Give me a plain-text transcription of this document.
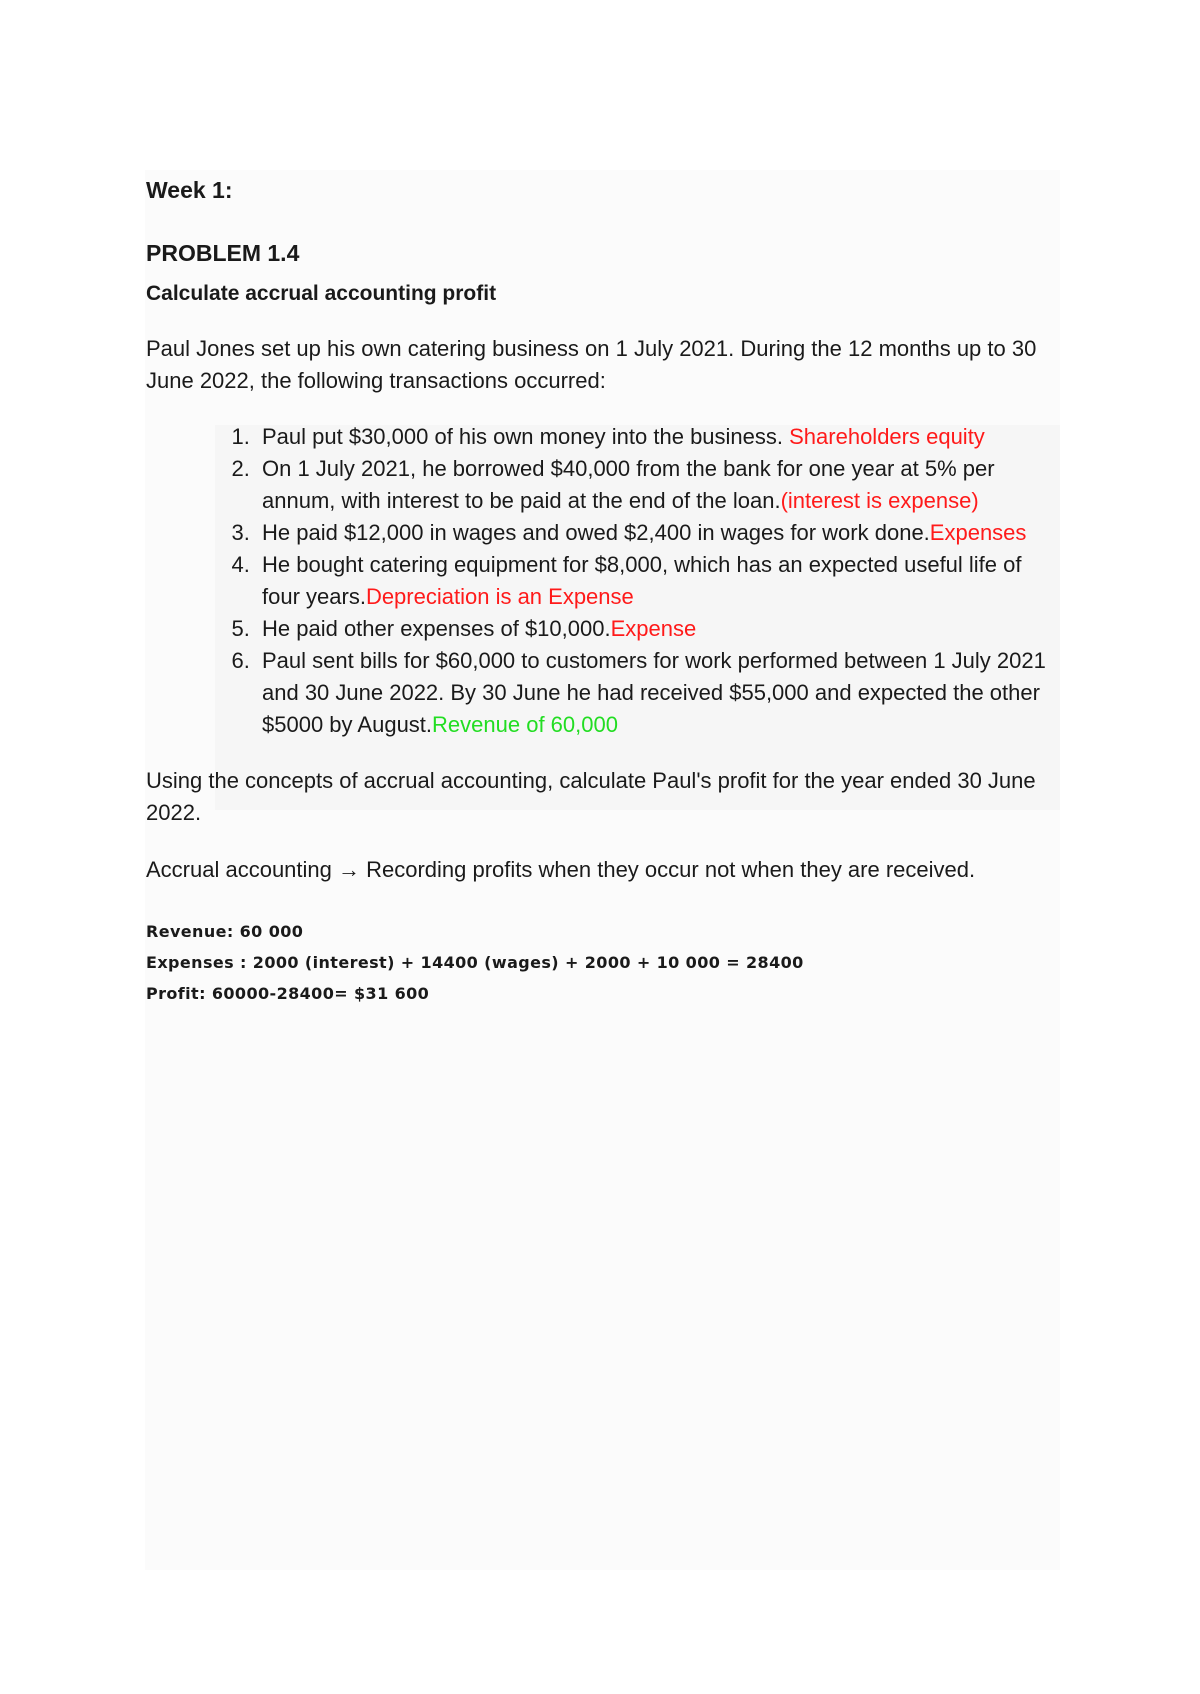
Week 1:

PROBLEM 1.4

Calculate accrual accounting profit

Paul Jones set up his own catering business on 1 July 2021. During the 12 months up to 30 June 2022, the following transactions occurred:

1. Paul put $30,000 of his own money into the business. Shareholders equity
2. On 1 July 2021, he borrowed $40,000 from the bank for one year at 5% per annum, with interest to be paid at the end of the loan.(interest is expense)
3. He paid $12,000 in wages and owed $2,400 in wages for work done.Expenses
4. He bought catering equipment for $8,000, which has an expected useful life of four years.Depreciation is an Expense
5. He paid other expenses of $10,000.Expense
6. Paul sent bills for $60,000 to customers for work performed between 1 July 2021 and 30 June 2022. By 30 June he had received $55,000 and expected the other $5000 by August.Revenue of 60,000

Using the concepts of accrual accounting, calculate Paul's profit for the year ended 30 June 2022.

Accrual accounting → Recording profits when they occur not when they are received.

Revenue: 60 000
Expenses : 2000 (interest) + 14400 (wages) + 2000 + 10 000 = 28400
Profit: 60000-28400= $31 600
